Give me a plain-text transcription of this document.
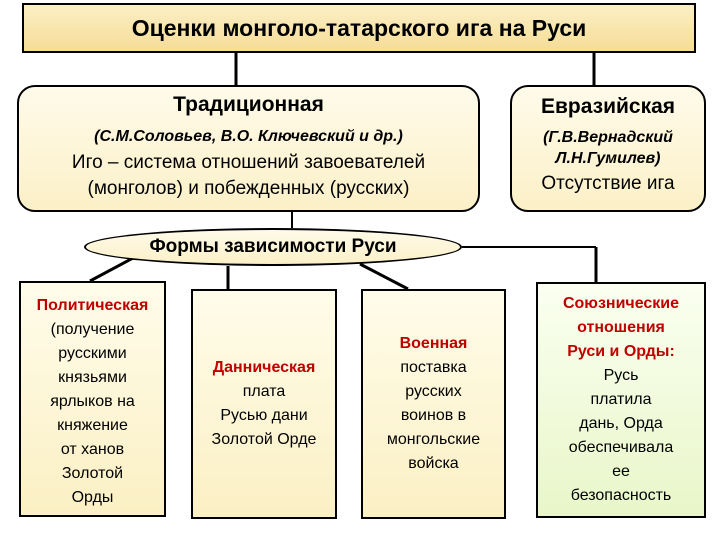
Оценки монголо-татарского ига на Руси
Традиционная
(С.М.Соловьев, В.О. Ключевский и др.)
Иго – система отношений завоевателей
(монголов) и побежденных (русских)
Евразийская
(Г.В.Вернадский
Л.Н.Гумилев)
Отсутствие ига
Формы зависимости Руси
Политическая
(получение
русскими
князьями
ярлыков на
княжение
от ханов
Золотой
Орды
Данническая
плата
Русью дани
Золотой Орде
Военная
поставка
русских
воинов в
монгольские
войска
Союзнические
отношения
Руси и Орды:
Русь
платила
дань, Орда
обеспечивала
ее
безопасность
